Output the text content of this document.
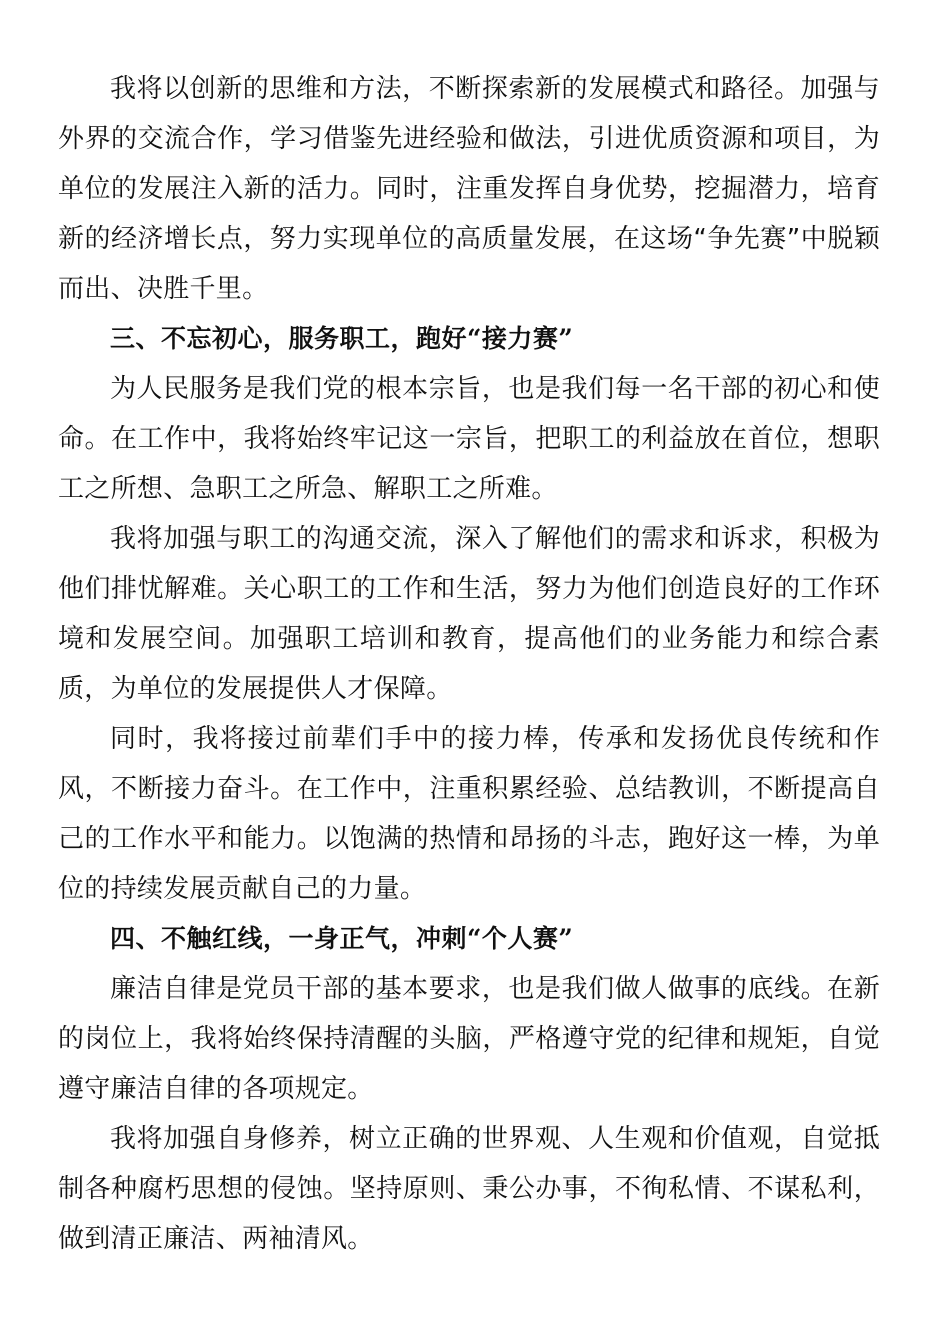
我将以创新的思维和方法，不断探索新的发展模式和路径。加强与外界的交流合作，学习借鉴先进经验和做法，引进优质资源和项目，为单位的发展注入新的活力。同时，注重发挥自身优势，挖掘潜力，培育新的经济增长点，努力实现单位的高质量发展，在这场“争先赛”中脱颖而出、决胜千里。

三、不忘初心，服务职工，跑好“接力赛”

为人民服务是我们党的根本宗旨，也是我们每一名干部的初心和使命。在工作中，我将始终牢记这一宗旨，把职工的利益放在首位，想职工之所想、急职工之所急、解职工之所难。

我将加强与职工的沟通交流，深入了解他们的需求和诉求，积极为他们排忧解难。关心职工的工作和生活，努力为他们创造良好的工作环境和发展空间。加强职工培训和教育，提高他们的业务能力和综合素质，为单位的发展提供人才保障。

同时，我将接过前辈们手中的接力棒，传承和发扬优良传统和作风，不断接力奋斗。在工作中，注重积累经验、总结教训，不断提高自己的工作水平和能力。以饱满的热情和昂扬的斗志，跑好这一棒，为单位的持续发展贡献自己的力量。

四、不触红线，一身正气，冲刺“个人赛”

廉洁自律是党员干部的基本要求，也是我们做人做事的底线。在新的岗位上，我将始终保持清醒的头脑，严格遵守党的纪律和规矩，自觉遵守廉洁自律的各项规定。

我将加强自身修养，树立正确的世界观、人生观和价值观，自觉抵制各种腐朽思想的侵蚀。坚持原则、秉公办事，不徇私情、不谋私利，做到清正廉洁、两袖清风。
